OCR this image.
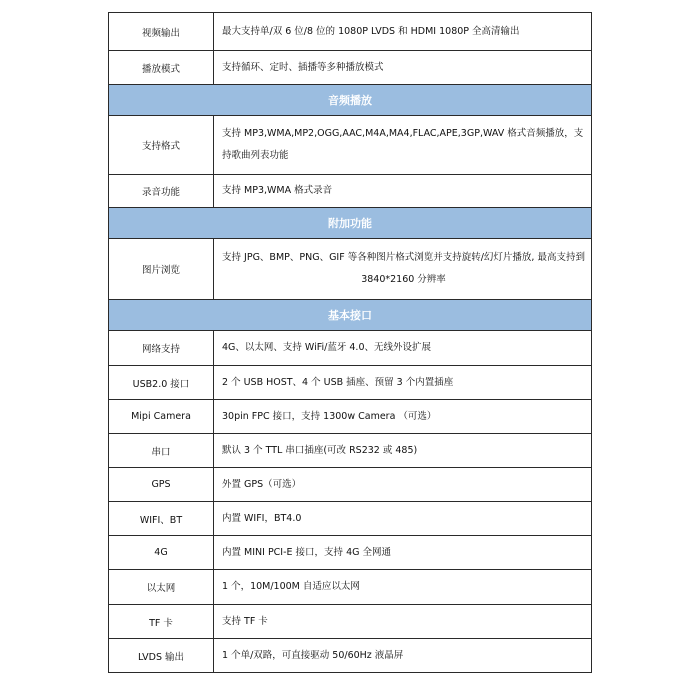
视频输出	最大支持单/双 6 位/8 位的 1080P LVDS 和 HDMI 1080P 全高清输出
播放模式	支持循环、定时、插播等多种播放模式
音频播放	
支持格式	支持 MP3,WMA,MP2,OGG,AAC,M4A,MA4,FLAC,APE,3GP,WAV 格式音频播放，支持歌曲列表功能
录音功能	支持 MP3,WMA 格式录音
附加功能	
图片浏览	支持 JPG、BMP、PNG、GIF 等各种图片格式浏览并支持旋转/幻灯片播放, 最高支持到 3840*2160 分辨率
基本接口	
网络支持	4G、以太网、支持 WiFi/蓝牙 4.0、无线外设扩展
USB2.0 接口	2 个 USB HOST、4 个 USB 插座、预留 3 个内置插座
Mipi Camera	30pin FPC 接口，支持 1300w Camera （可选）
串口	默认 3 个 TTL 串口插座(可改 RS232 或 485)
GPS	外置 GPS（可选）
WIFI、BT	内置 WIFI，BT4.0
4G	内置 MINI PCI-E 接口，支持 4G 全网通
以太网	1 个，10M/100M 自适应以太网
TF 卡	支持 TF 卡
LVDS 输出	1 个单/双路，可直接驱动 50/60Hz 液晶屏
